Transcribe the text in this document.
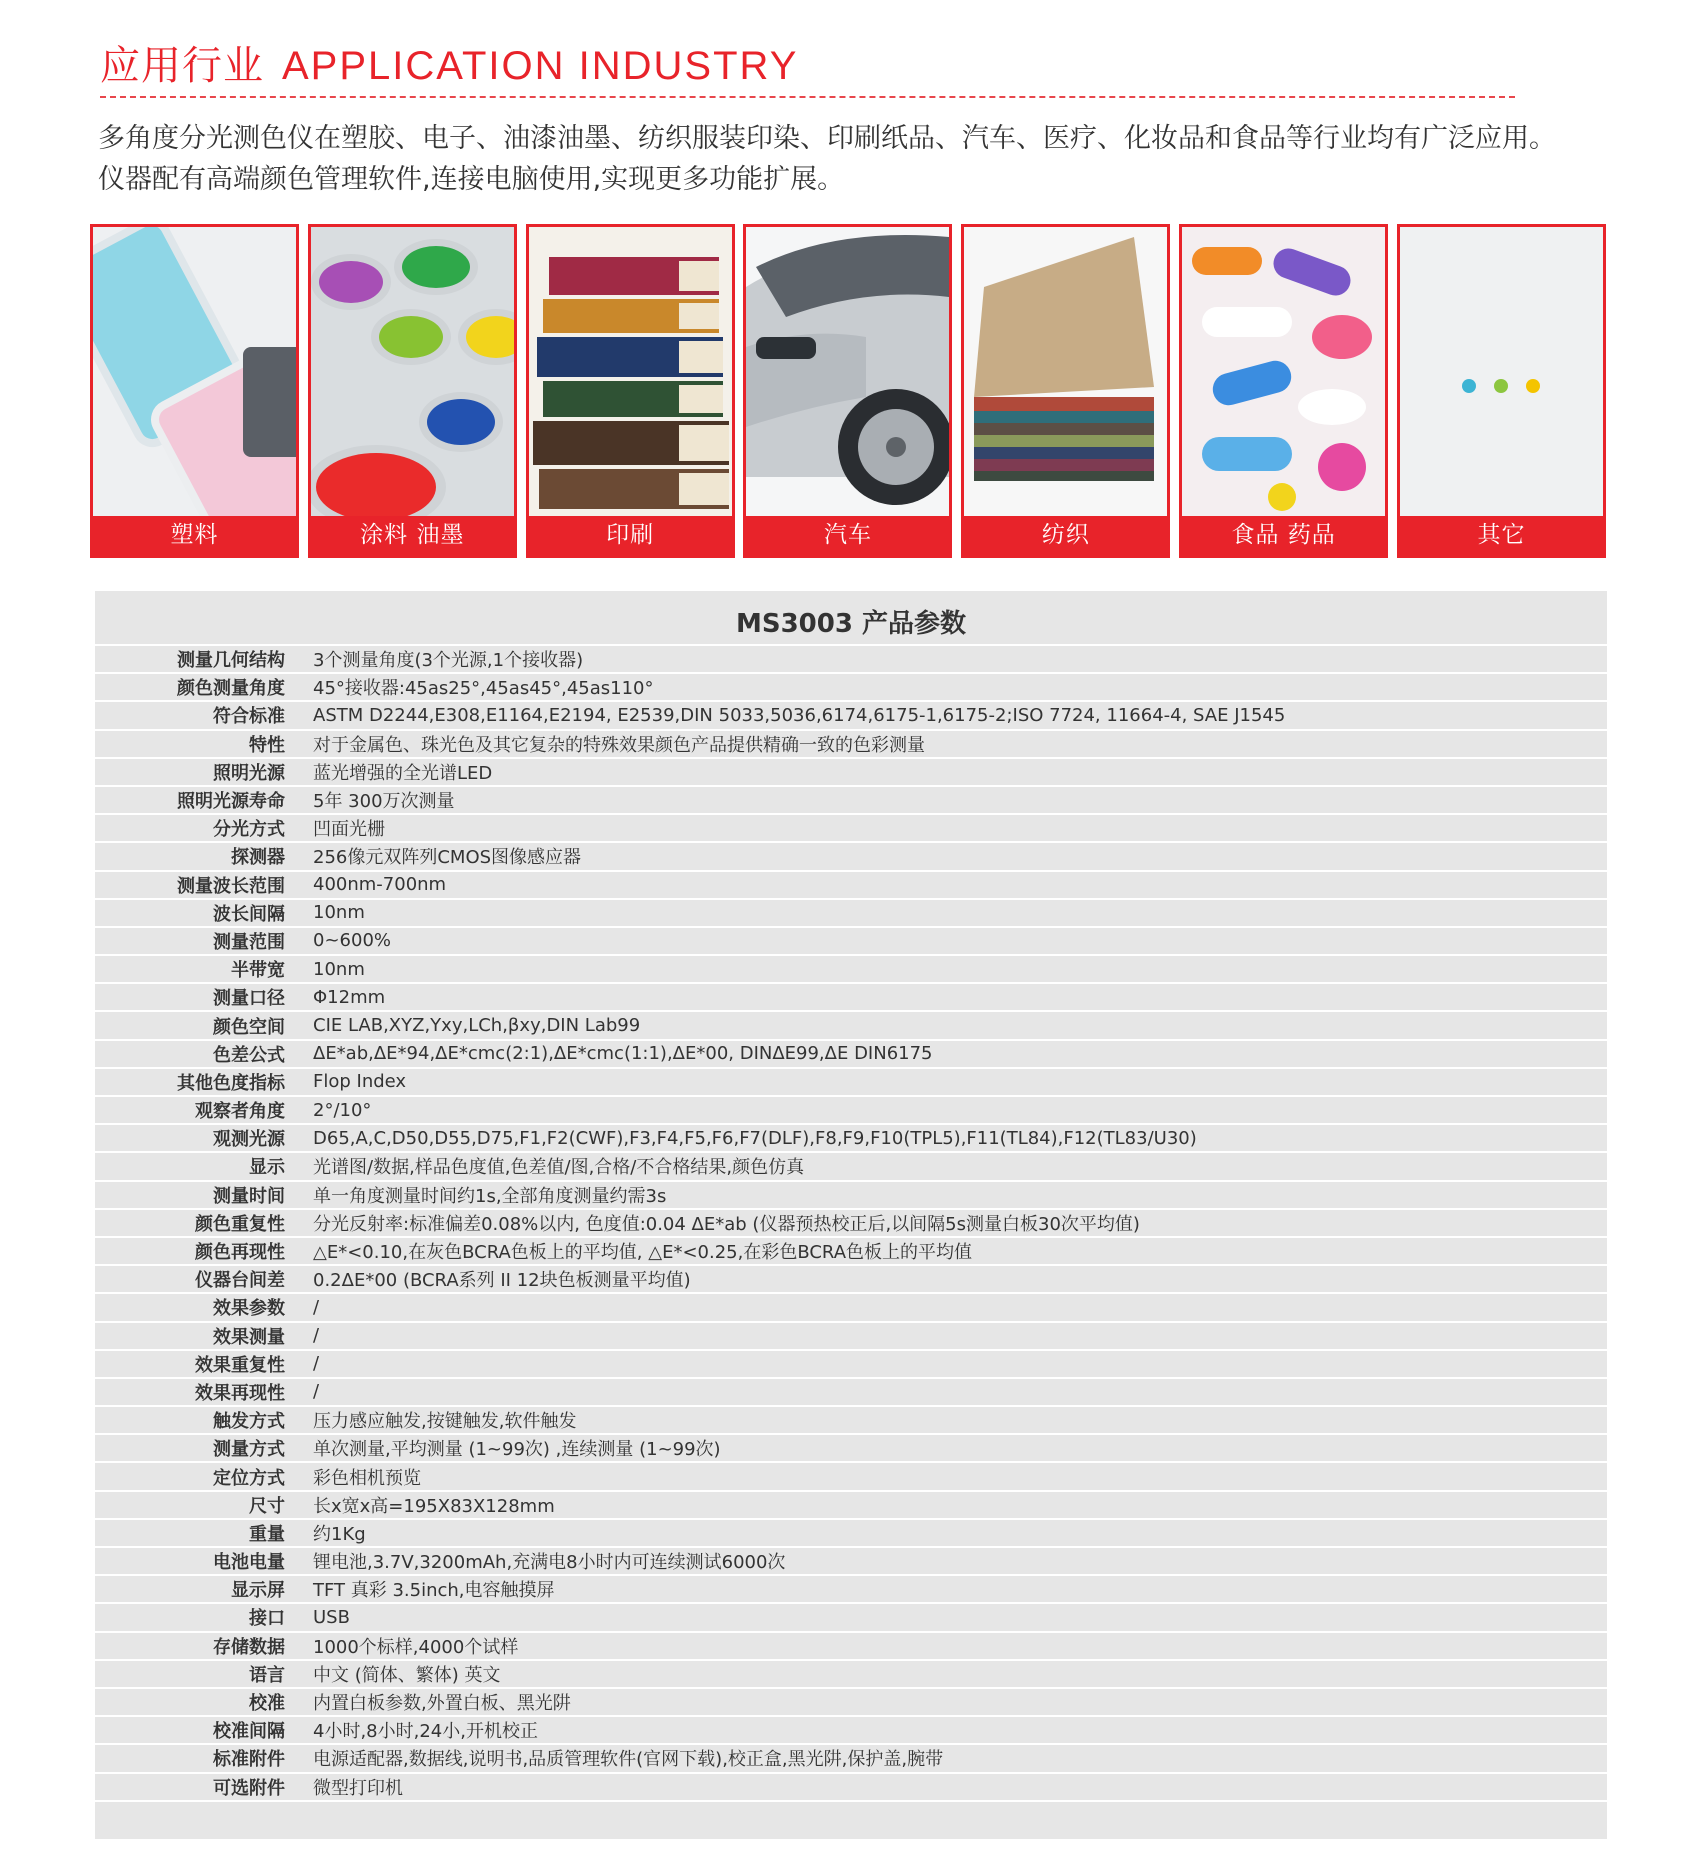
应用行业 APPLICATION INDUSTRY

多角度分光测色仪在塑胶、电子、油漆油墨、纺织服装印染、印刷纸品、汽车、医疗、化妆品和食品等行业均有广泛应用。

仪器配有高端颜色管理软件,连接电脑使用,实现更多功能扩展。

塑料	涂料 油墨	印刷	汽车	纺织	食品 药品	其它
MS3003 产品参数
测量几何结构 3个测量角度(3个光源,1个接收器)
颜色测量角度 45°接收器:45as25°,45as45°,45as110°
符合标准 ASTM D2244,E308,E1164,E2194, E2539,DIN 5033,5036,6174,6175-1,6175-2;ISO 7724, 11664-4, SAE J1545
特性 对于金属色、珠光色及其它复杂的特殊效果颜色产品提供精确一致的色彩测量
照明光源 蓝光增强的全光谱LED
照明光源寿命 5年 300万次测量
分光方式 凹面光栅
探测器 256像元双阵列CMOS图像感应器
测量波长范围 400nm-700nm
波长间隔 10nm
测量范围 0~600%
半带宽 10nm
测量口径 Φ12mm
颜色空间 CIE LAB,XYZ,Yxy,LCh,βxy,DIN Lab99
色差公式 ΔE*ab,ΔE*94,ΔE*cmc(2:1),ΔE*cmc(1:1),ΔE*00, DINΔE99,ΔE DIN6175
其他色度指标 Flop Index
观察者角度 2°/10°
观测光源 D65,A,C,D50,D55,D75,F1,F2(CWF),F3,F4,F5,F6,F7(DLF),F8,F9,F10(TPL5),F11(TL84),F12(TL83/U30)
显示 光谱图/数据,样品色度值,色差值/图,合格/不合格结果,颜色仿真
测量时间 单一角度测量时间约1s,全部角度测量约需3s
颜色重复性 分光反射率:标准偏差0.08%以内, 色度值:0.04 ΔE*ab (仪器预热校正后,以间隔5s测量白板30次平均值)
颜色再现性 △E*<0.10,在灰色BCRA色板上的平均值, △E*<0.25,在彩色BCRA色板上的平均值
仪器台间差 0.2ΔE*00 (BCRA系列 II 12块色板测量平均值)
效果参数 /
效果测量 /
效果重复性 /
效果再现性 /
触发方式 压力感应触发,按键触发,软件触发
测量方式 单次测量,平均测量 (1~99次) ,连续测量 (1~99次)
定位方式 彩色相机预览
尺寸 长x宽x高=195X83X128mm
重量 约1Kg
电池电量 锂电池,3.7V,3200mAh,充满电8小时内可连续测试6000次
显示屏 TFT 真彩 3.5inch,电容触摸屏
接口 USB
存储数据 1000个标样,4000个试样
语言 中文 (简体、繁体) 英文
校准 内置白板参数,外置白板、黑光阱
校准间隔 4小时,8小时,24小,开机校正
标准附件 电源适配器,数据线,说明书,品质管理软件(官网下载),校正盒,黑光阱,保护盖,腕带
可选附件 微型打印机
